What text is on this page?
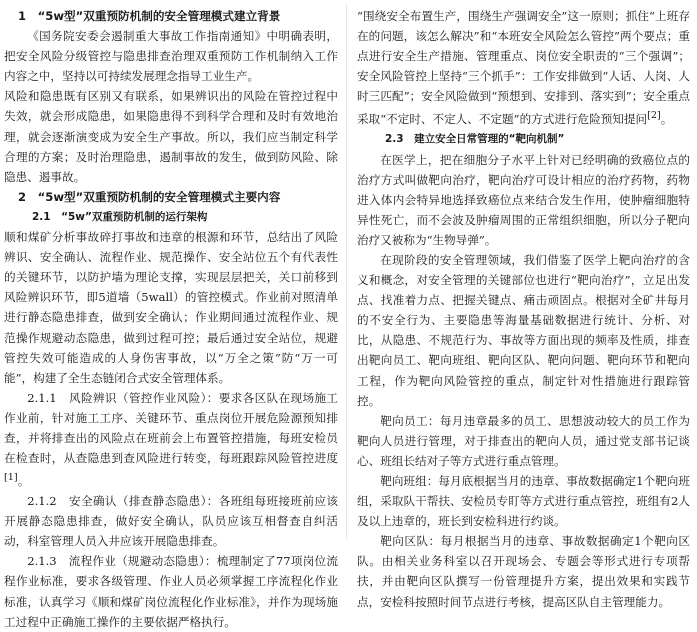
1　“5w型”双重预防机制的安全管理模式建立背景

《国务院安委会遏制重大事故工作指南通知》中明确表明，把安全风险分级管控与隐患排查治理双重预防工作机制纳入工作内容之中，坚持以可持续发展理念指导工业生产。

风险和隐患既有区别又有联系，如果辨识出的风险在管控过程中失效，就会形成隐患，如果隐患得不到科学合理和及时有效地治理，就会逐渐演变成为安全生产事故。所以，我们应当制定科学合理的方案；及时治理隐患，遏制事故的发生，做到防风险、除隐患、遏事故。

2　“5w型”双重预防机制的安全管理模式主要内容
2.1　“5w”双重预防机制的运行架构

顺和煤矿分析事故碎打事故和违章的根源和环节，总结出了风险辨识、安全确认、流程作业、规范操作、安全站位五个有代表性的关键环节，以防护墙为理论支撑，实现层层把关，关口前移到风险辨识环节，即5道墙（5wall）的管控模式。作业前对照清单进行静态隐患排查，做到安全确认；作业期间通过流程作业、规范操作规避动态隐患，做到过程可控；最后通过安全站位，规避管控失效可能造成的人身伤害事故，以“万全之策”防“万一可能”，构建了全生态链闭合式安全管理体系。

2.1.1　风险辨识（管控作业风险）：要求各区队在现场施工作业前，针对施工工序、关键环节、重点岗位开展危险源预知排查，并将排查出的风险点在班前会上布置管控措施，每班安检员在检查时，从查隐患到查风险进行转变，每班跟踪风险管控进度[1]。

2.1.2　安全确认（排查静态隐患）：各班组每班接班前应该开展静态隐患排查，做好安全确认，队员应该互相督查自纠活动，科室管理人员入井应该开展隐患排查。

2.1.3　流程作业（规避动态隐患）：梳理制定了77项岗位流程作业标准，要求各级管理、作业人员必须掌握工序流程化作业标准，认真学习《顺和煤矿岗位流程化作业标准》，并作为现场施工过程中正确施工操作的主要依据严格执行。

“围绕安全布置生产，围绕生产强调安全”这一原则；抓住“上班存在的问题，该怎么解决”和“本班安全风险怎么管控”两个要点；重点进行安全生产措施、管理重点、岗位安全职责的“三个强调”；安全风险管控上坚持“三个抓手”：工作安排做到“人话、人岗、人时三匹配”；安全风险做到“预想到、安排到、落实到”；安全重点采取“不定时、不定人、不定题”的方式进行危险预知提问[2]。

2.3　建立安全日常管理的“靶向机制”

在医学上，把在细胞分子水平上针对已经明确的致癌位点的治疗方式叫做靶向治疗，靶向治疗可设计相应的治疗药物，药物进入体内会特异地选择致癌位点来结合发生作用，使肿瘤细胞特异性死亡，而不会波及肿瘤周围的正常组织细胞，所以分子靶向治疗又被称为“生物导弹”。

在现阶段的安全管理领域，我们借鉴了医学上靶向治疗的含义和概念，对安全管理的关键部位也进行“靶向治疗”，立足出发点、找准着力点、把握关键点、痛击顽固点。根据对全矿井每月的不安全行为、主要隐患等海量基础数据进行统计、分析、对比，从隐患、不规范行为、事故等方面出现的频率及性质，排查出靶向员工、靶向班组、靶向区队、靶向问题、靶向环节和靶向工程，作为靶向风险管控的重点，制定针对性措施进行跟踪管控。

靶向员工：每月违章最多的员工、思想波动较大的员工作为靶向人员进行管理，对于排查出的靶向人员，通过党支部书记谈心、班组长结对子等方式进行重点管理。

靶向班组：每月底根据当月的违章、事故数据确定1个靶向班组，采取队干帮扶、安检员专盯等方式进行重点管控，班组有2人及以上违章的，班长到安检科进行约谈。

靶向区队：每月根据当月的违章、事故数据确定1个靶向区队。由相关业务科室以召开现场会、专题会等形式进行专项帮扶，并由靶向区队撰写一份管理提升方案，提出效果和实践节点，安检科按照时间节点进行考核，提高区队自主管理能力。
